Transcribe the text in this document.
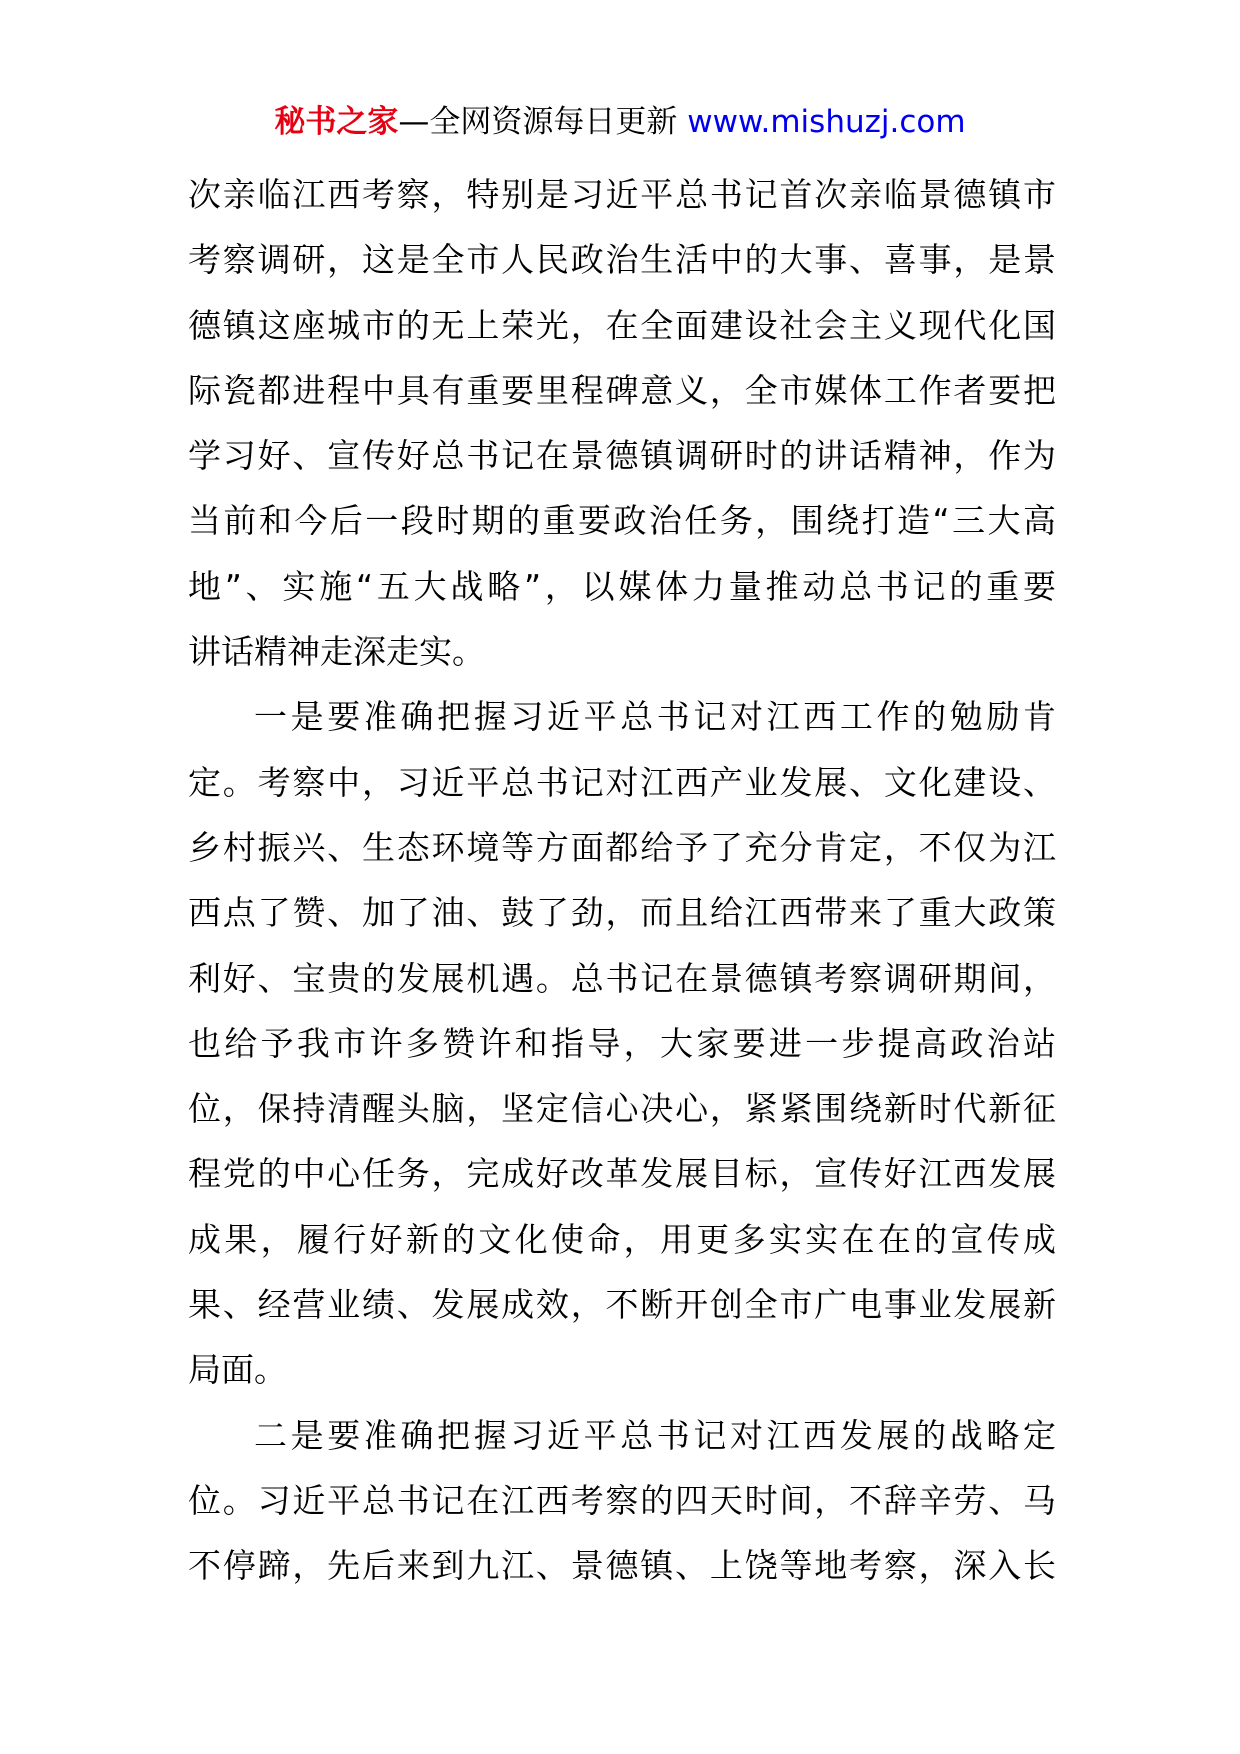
秘书之家—全网资源每日更新 www.mishuzj.com
次亲临江西考察，特别是习近平总书记首次亲临景德镇市
考察调研，这是全市人民政治生活中的大事、喜事，是景
德镇这座城市的无上荣光，在全面建设社会主义现代化国
际瓷都进程中具有重要里程碑意义，全市媒体工作者要把
学习好、宣传好总书记在景德镇调研时的讲话精神，作为
当前和今后一段时期的重要政治任务，围绕打造“三大高
地”、实施“五大战略”，以媒体力量推动总书记的重要
讲话精神走深走实。
一是要准确把握习近平总书记对江西工作的勉励肯
定。考察中，习近平总书记对江西产业发展、文化建设、
乡村振兴、生态环境等方面都给予了充分肯定，不仅为江
西点了赞、加了油、鼓了劲，而且给江西带来了重大政策
利好、宝贵的发展机遇。总书记在景德镇考察调研期间，
也给予我市许多赞许和指导，大家要进一步提高政治站
位，保持清醒头脑，坚定信心决心，紧紧围绕新时代新征
程党的中心任务，完成好改革发展目标，宣传好江西发展
成果，履行好新的文化使命，用更多实实在在的宣传成
果、经营业绩、发展成效，不断开创全市广电事业发展新
局面。
二是要准确把握习近平总书记对江西发展的战略定
位。习近平总书记在江西考察的四天时间，不辞辛劳、马
不停蹄，先后来到九江、景德镇、上饶等地考察，深入长
